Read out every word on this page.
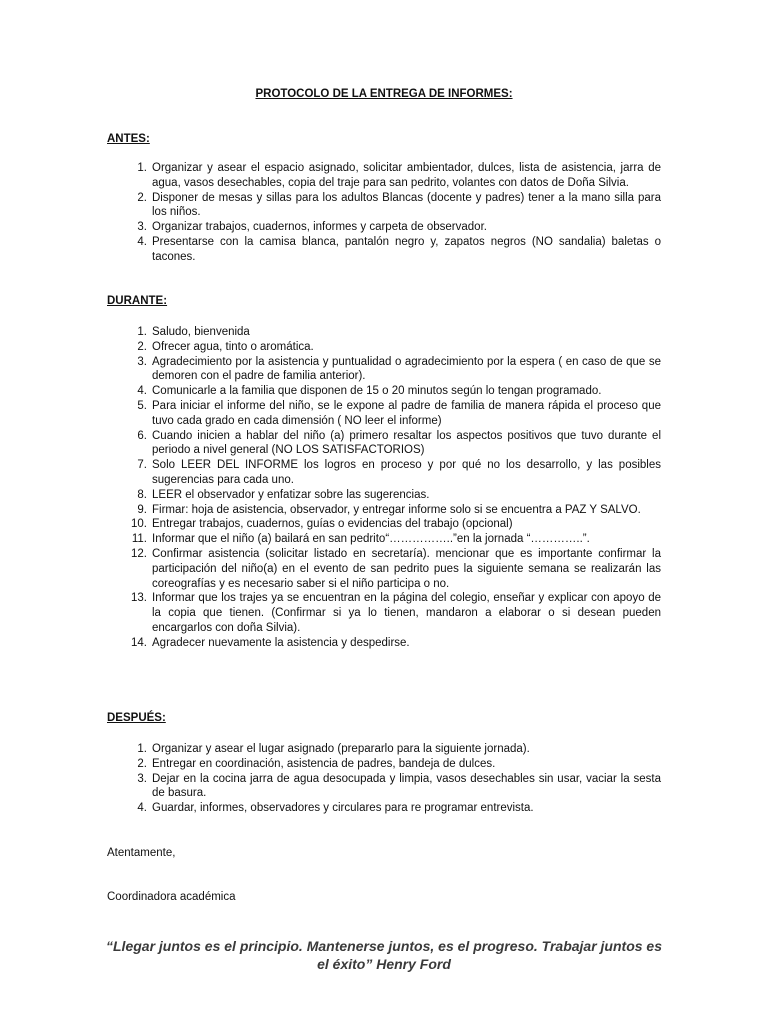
PROTOCOLO DE LA ENTREGA DE INFORMES:
ANTES:
1. Organizar y asear el espacio asignado, solicitar ambientador, dulces, lista de asistencia, jarra de agua, vasos desechables, copia del traje para san pedrito, volantes con datos de Doña Silvia.
2. Disponer de mesas y sillas para los adultos Blancas (docente y padres) tener a la mano silla para los niños.
3. Organizar trabajos, cuadernos, informes y carpeta de observador.
4. Presentarse con la camisa blanca, pantalón negro y, zapatos negros (NO sandalia) baletas o tacones.
DURANTE:
1. Saludo, bienvenida
2. Ofrecer agua, tinto o aromática.
3. Agradecimiento por la asistencia y puntualidad o agradecimiento por la espera ( en caso de que se demoren con el padre de familia anterior).
4. Comunicarle a la familia que disponen de 15 o 20 minutos según lo tengan programado.
5. Para iniciar el informe del niño, se le expone al padre de familia de manera rápida el proceso que tuvo cada grado en cada dimensión ( NO leer el informe)
6. Cuando inicien a hablar del niño (a) primero resaltar los aspectos positivos que tuvo durante el periodo a nivel general (NO LOS SATISFACTORIOS)
7. Solo LEER DEL INFORME los logros en proceso y por qué no los desarrollo, y las posibles sugerencias para cada uno.
8. LEER el observador y enfatizar sobre las sugerencias.
9. Firmar: hoja de asistencia, observador, y entregar informe solo si se encuentra a PAZ Y SALVO.
10. Entregar trabajos, cuadernos, guías o evidencias del trabajo (opcional)
11. Informar que el niño (a) bailará en san pedrito“……………..”en la jornada “…………..”.
12. Confirmar asistencia (solicitar listado en secretaría). mencionar que es importante confirmar la participación del niño(a) en el evento de san pedrito pues la siguiente semana se realizarán las coreografías y es necesario saber si el niño participa o no.
13. Informar que los trajes ya se encuentran en la página del colegio, enseñar y explicar con apoyo de la copia que tienen. (Confirmar si ya lo tienen, mandaron a elaborar o si desean pueden encargarlos con doña Silvia).
14. Agradecer nuevamente la asistencia y despedirse.
DESPUÉS:
1. Organizar y asear el lugar asignado (prepararlo para la siguiente jornada).
2. Entregar en coordinación, asistencia de padres, bandeja de dulces.
3. Dejar en la cocina jarra de agua desocupada y limpia, vasos desechables sin usar, vaciar la sesta de basura.
4. Guardar, informes, observadores y circulares para re programar entrevista.
Atentamente,
Coordinadora académica
“Llegar juntos es el principio. Mantenerse juntos, es el progreso. Trabajar juntos es el éxito” Henry Ford
